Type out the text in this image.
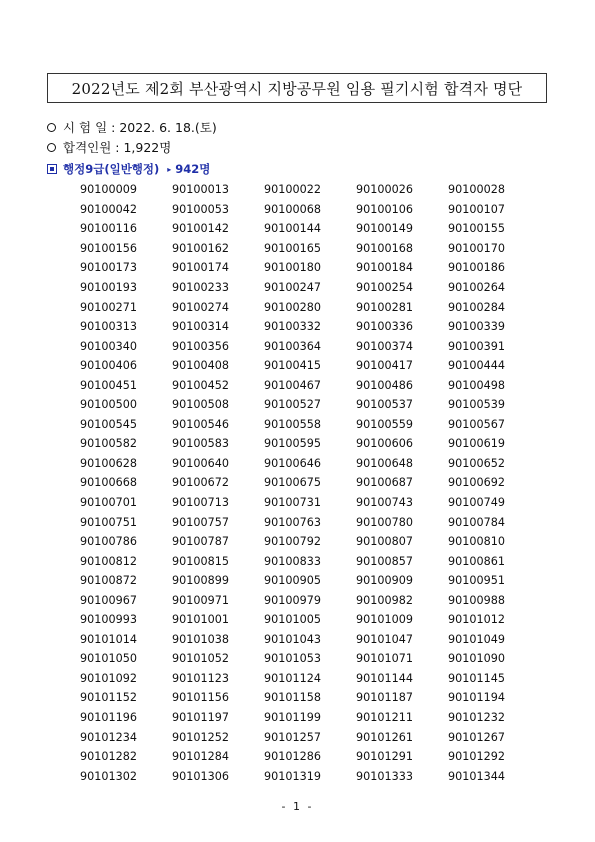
2022년도 제2회 부산광역시 지방공무원 임용 필기시험 합격자 명단
시 험 일 : 2022. 6. 18.(토)
합격인원 : 1,922명
행정9급(일반행정) ▸ 942명
90100009	90100013	90100022	90100026	90100028
90100042	90100053	90100068	90100106	90100107
90100116	90100142	90100144	90100149	90100155
90100156	90100162	90100165	90100168	90100170
90100173	90100174	90100180	90100184	90100186
90100193	90100233	90100247	90100254	90100264
90100271	90100274	90100280	90100281	90100284
90100313	90100314	90100332	90100336	90100339
90100340	90100356	90100364	90100374	90100391
90100406	90100408	90100415	90100417	90100444
90100451	90100452	90100467	90100486	90100498
90100500	90100508	90100527	90100537	90100539
90100545	90100546	90100558	90100559	90100567
90100582	90100583	90100595	90100606	90100619
90100628	90100640	90100646	90100648	90100652
90100668	90100672	90100675	90100687	90100692
90100701	90100713	90100731	90100743	90100749
90100751	90100757	90100763	90100780	90100784
90100786	90100787	90100792	90100807	90100810
90100812	90100815	90100833	90100857	90100861
90100872	90100899	90100905	90100909	90100951
90100967	90100971	90100979	90100982	90100988
90100993	90101001	90101005	90101009	90101012
90101014	90101038	90101043	90101047	90101049
90101050	90101052	90101053	90101071	90101090
90101092	90101123	90101124	90101144	90101145
90101152	90101156	90101158	90101187	90101194
90101196	90101197	90101199	90101211	90101232
90101234	90101252	90101257	90101261	90101267
90101282	90101284	90101286	90101291	90101292
90101302	90101306	90101319	90101333	90101344
- 1 -
